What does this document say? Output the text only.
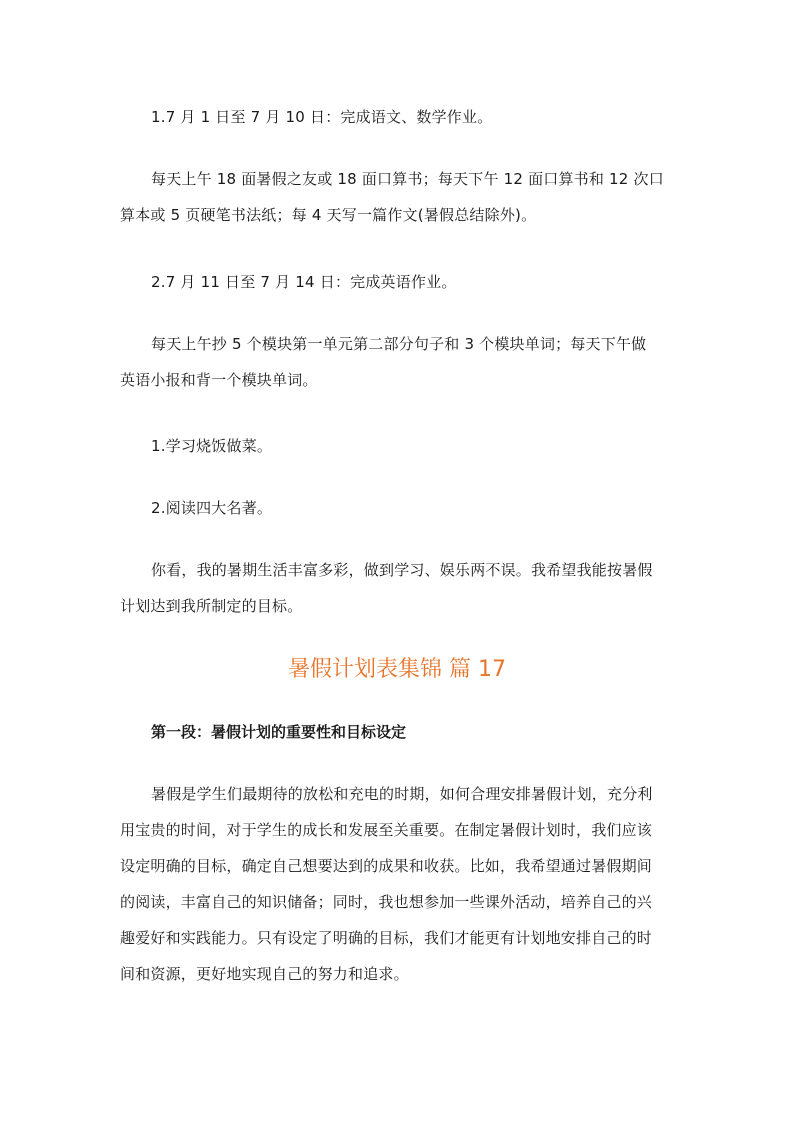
1.7 月 1 日至 7 月 10 日：完成语文、数学作业。

每天上午 18 面暑假之友或 18 面口算书；每天下午 12 面口算书和 12 次口
算本或 5 页硬笔书法纸；每 4 天写一篇作文(暑假总结除外)。

2.7 月 11 日至 7 月 14 日：完成英语作业。

每天上午抄 5 个模块第一单元第二部分句子和 3 个模块单词；每天下午做
英语小报和背一个模块单词。

1.学习烧饭做菜。

2.阅读四大名著。

你看，我的暑期生活丰富多彩，做到学习、娱乐两不误。我希望我能按暑假
计划达到我所制定的目标。

暑假计划表集锦 篇 17

第一段：暑假计划的重要性和目标设定

暑假是学生们最期待的放松和充电的时期，如何合理安排暑假计划，充分利
用宝贵的时间，对于学生的成长和发展至关重要。在制定暑假计划时，我们应该
设定明确的目标，确定自己想要达到的成果和收获。比如，我希望通过暑假期间
的阅读，丰富自己的知识储备；同时，我也想参加一些课外活动，培养自己的兴
趣爱好和实践能力。只有设定了明确的目标，我们才能更有计划地安排自己的时
间和资源，更好地实现自己的努力和追求。
